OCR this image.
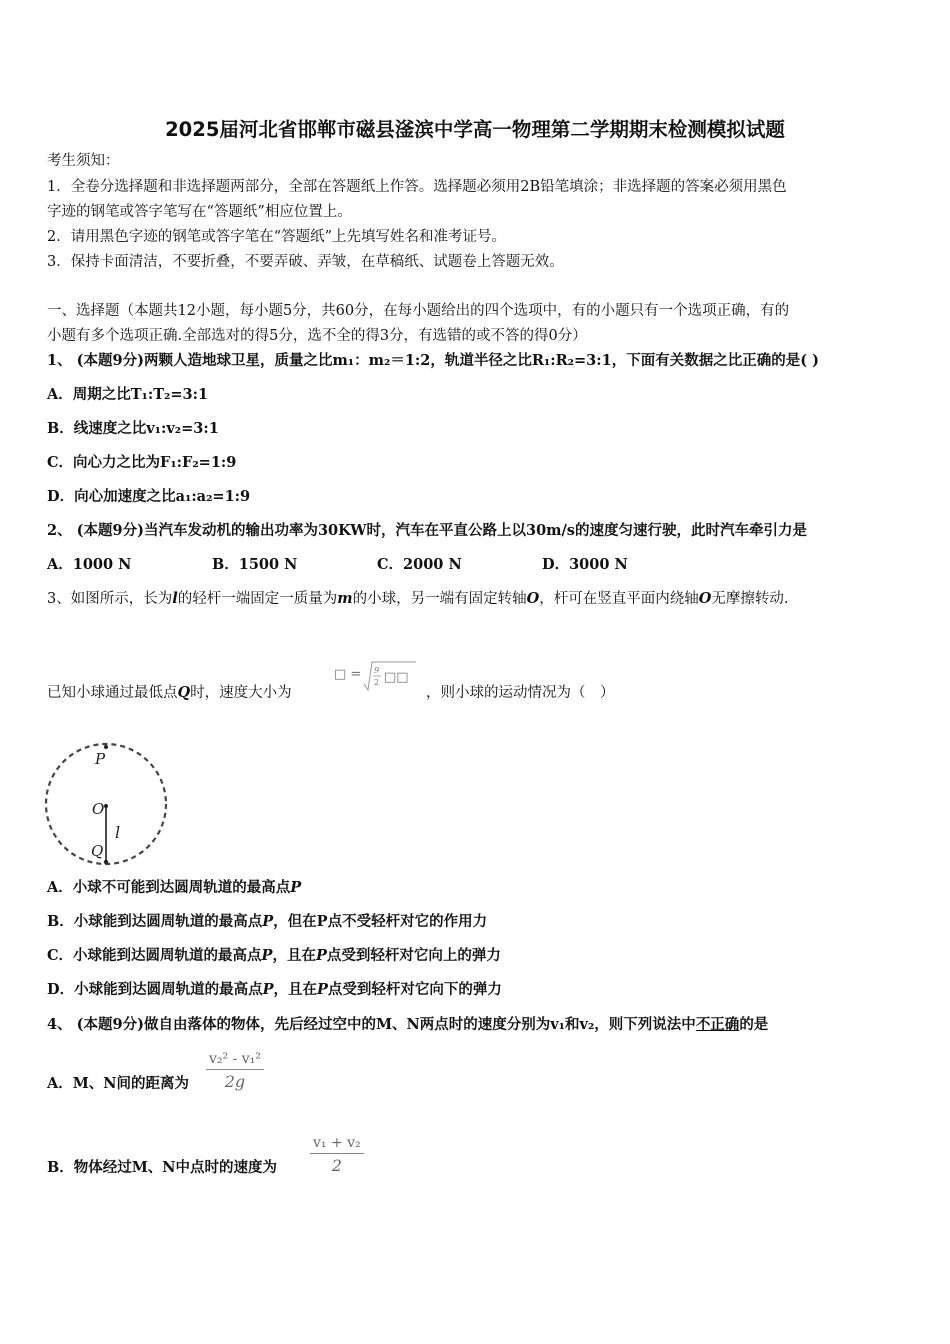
2025届河北省邯郸市磁县滏滨中学高一物理第二学期期末检测模拟试题
考生须知：
1．全卷分选择题和非选择题两部分，全部在答题纸上作答。选择题必须用2B铅笔填涂；非选择题的答案必须用黑色
字迹的钢笔或答字笔写在“答题纸”相应位置上。
2．请用黑色字迹的钢笔或答字笔在“答题纸”上先填写姓名和准考证号。
3．保持卡面清洁，不要折叠，不要弄破、弄皱，在草稿纸、试题卷上答题无效。
一、选择题（本题共12小题，每小题5分，共60分，在每小题给出的四个选项中，有的小题只有一个选项正确，有的
小题有多个选项正确.全部选对的得5分，选不全的得3分，有选错的或不答的得0分）
1、 (本题9分)两颗人造地球卫星，质量之比m₁：m₂＝1:2，轨道半径之比R₁:R₂=3:1，下面有关数据之比正确的是( )
A．周期之比T₁:T₂=3:1
B．线速度之比v₁:v₂=3:1
C．向心力之比为F₁:F₂=1:9
D．向心加速度之比a₁:a₂=1:9
2、 (本题9分)当汽车发动机的输出功率为30KW时，汽车在平直公路上以30m/s的速度匀速行驶，此时汽车牵引力是
A．1000 N	B．1500 N	C．2000 N	D．3000 N
3、如图所示，长为l的轻杆一端固定一质量为m的小球，另一端有固定转轴O，杆可在竖直平面内绕轴O无摩擦转动.
已知小球通过最低点Q时，速度大小为
□ = 9
2 □□
，则小球的运动情况为（　）
P
O
l
Q
A．小球不可能到达圆周轨道的最高点P
B．小球能到达圆周轨道的最高点P，但在P点不受轻杆对它的作用力
C．小球能到达圆周轨道的最高点P，且在P点受到轻杆对它向上的弹力
D．小球能到达圆周轨道的最高点P，且在P点受到轻杆对它向下的弹力
4、 (本题9分)做自由落体的物体，先后经过空中的M、N两点时的速度分别为v₁和v₂，则下列说法中不正确的是
A．M、N间的距离为 $\frac{\text{v₂² - v₁²}}{2g}$
B．物体经过M、N中点时的速度为 $\frac{\text{v₁ + v₂}}{2}$
